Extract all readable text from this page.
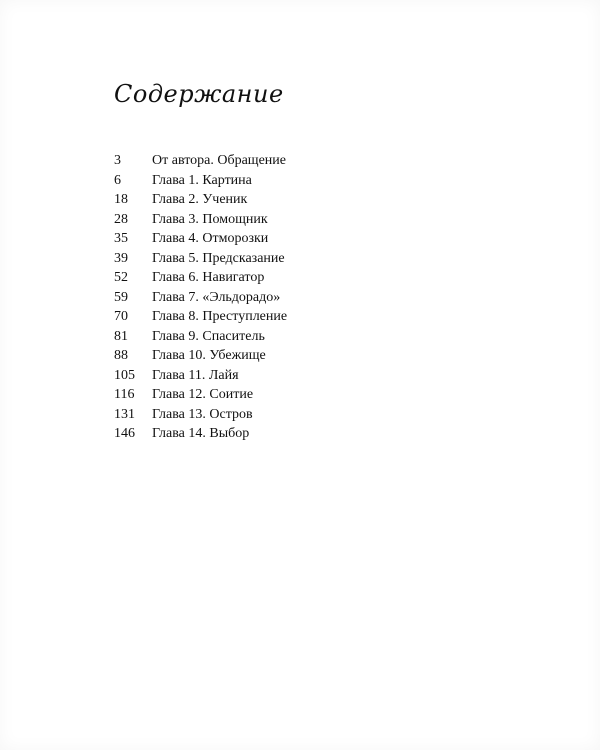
Содержание
3	От автора. Обращение
6	Глава 1. Картина
18	Глава 2. Ученик
28	Глава 3. Помощник
35	Глава 4. Отморозки
39	Глава 5. Предсказание
52	Глава 6. Навигатор
59	Глава 7. «Эльдорадо»
70	Глава 8. Преступление
81	Глава 9. Спаситель
88	Глава 10. Убежище
105	Глава 11. Лайя
116	Глава 12. Соитие
131	Глава 13. Остров
146	Глава 14. Выбор
